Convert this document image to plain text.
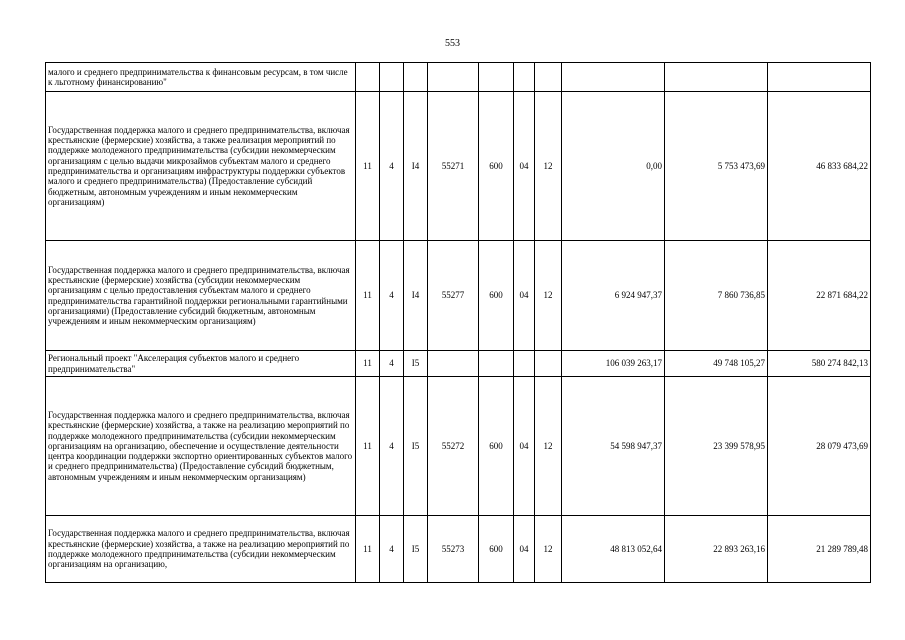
553
малого и среднего предпринимательства к финансовым ресурсам, в том числе к льготному финансированию"										
Государственная поддержка малого и среднего предпринимательства, включая крестьянские (фермерские) хозяйства, а также реализация мероприятий по поддержке молодежного предпринимательства (субсидии некоммерческим организациям с целью выдачи микрозаймов субъектам малого и среднего предпринимательства и организациям инфраструктуры поддержки субъектов малого и среднего предпринимательства) (Предоставление субсидий бюджетным, автономным учреждениям и иным некоммерческим организациям)	11	4	I4	55271	600	04	12	0,00	5 753 473,69	46 833 684,22
Государственная поддержка малого и среднего предпринимательства, включая крестьянские (фермерские) хозяйства (субсидии некоммерческим организациям с целью предоставления субъектам малого и среднего предпринимательства гарантийной поддержки региональными гарантийными организациями) (Предоставление субсидий бюджетным, автономным учреждениям и иным некоммерческим организациям)	11	4	I4	55277	600	04	12	6 924 947,37	7 860 736,85	22 871 684,22
Региональный проект "Акселерация субъектов малого и среднего предпринимательства"	11	4	I5					106 039 263,17	49 748 105,27	580 274 842,13
Государственная поддержка малого и среднего предпринимательства, включая крестьянские (фермерские) хозяйства, а также на реализацию мероприятий по поддержке молодежного предпринимательства (субсидии некоммерческим организациям на организацию, обеспечение и осуществление деятельности центра координации поддержки экспортно ориентированных субъектов малого и среднего предпринимательства) (Предоставление субсидий бюджетным, автономным учреждениям и иным некоммерческим организациям)	11	4	I5	55272	600	04	12	54 598 947,37	23 399 578,95	28 079 473,69
Государственная поддержка малого и среднего предпринимательства, включая крестьянские (фермерские) хозяйства, а также на реализацию мероприятий по поддержке молодежного предпринимательства (субсидии некоммерческим организациям на организацию,	11	4	I5	55273	600	04	12	48 813 052,64	22 893 263,16	21 289 789,48
